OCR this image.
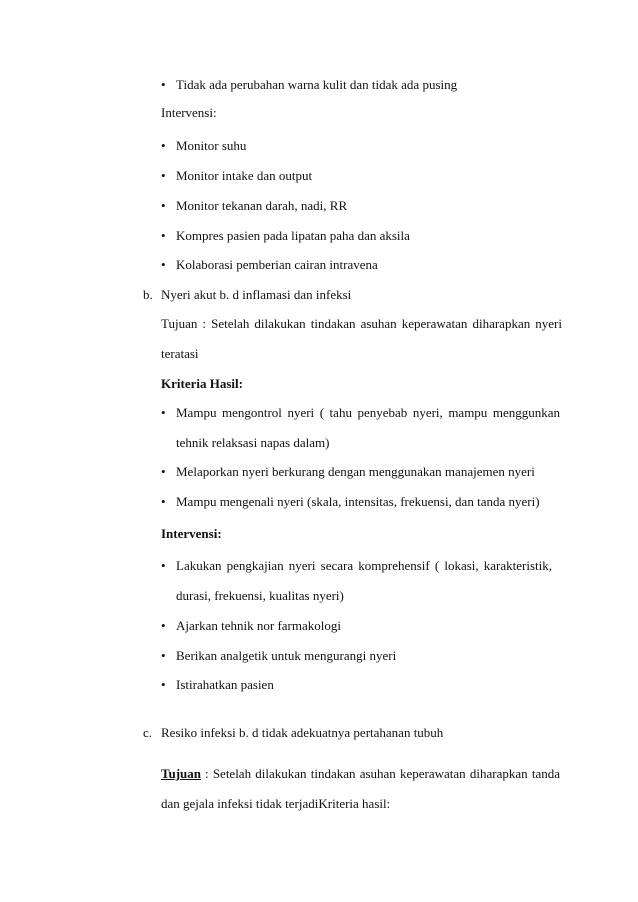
• Tidak ada perubahan warna kulit dan tidak ada pusing
Intervensi:
• Monitor suhu
• Monitor intake dan output
• Monitor tekanan darah, nadi, RR
• Kompres pasien pada lipatan paha dan aksila
• Kolaborasi pemberian cairan intravena
b. Nyeri akut b. d inflamasi dan infeksi
Tujuan : Setelah dilakukan tindakan asuhan keperawatan diharapkan nyeri
teratasi
Kriteria Hasil:
• Mampu mengontrol nyeri ( tahu penyebab nyeri, mampu menggunkan
tehnik relaksasi napas dalam)
• Melaporkan nyeri berkurang dengan menggunakan manajemen nyeri
• Mampu mengenali nyeri (skala, intensitas, frekuensi, dan tanda nyeri)
Intervensi:
• Lakukan pengkajian nyeri secara komprehensif ( lokasi, karakteristik,
durasi, frekuensi, kualitas nyeri)
• Ajarkan tehnik nor farmakologi
• Berikan analgetik untuk mengurangi nyeri
• Istirahatkan pasien
c. Resiko infeksi b. d tidak adekuatnya pertahanan tubuh
Tujuan : Setelah dilakukan tindakan asuhan keperawatan diharapkan tanda
dan gejala infeksi tidak terjadiKriteria hasil:
